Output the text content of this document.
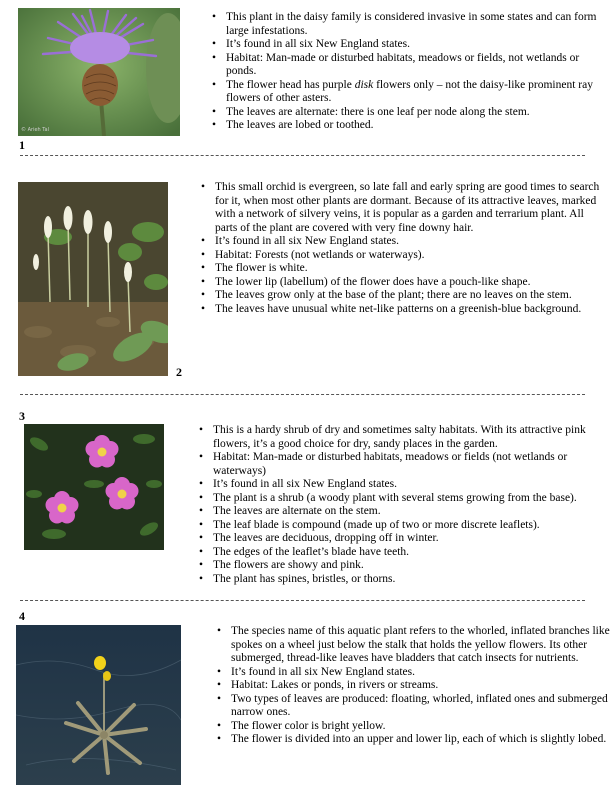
© Arieh Tal
1
• This plant in the daisy family is considered invasive in some states and can form large infestations.
• It’s found in all six New England states.
• Habitat: Man-made or disturbed habitats, meadows or fields, not wetlands or ponds.
• The flower head has purple disk flowers only – not the daisy-like prominent ray flowers of other asters.
• The leaves are alternate: there is one leaf per node along the stem.
• The leaves are lobed or toothed.
2
• This small orchid is evergreen, so late fall and early spring are good times to search for it, when most other plants are dormant. Because of its attractive leaves, marked with a network of silvery veins, it is popular as a garden and terrarium plant. All parts of the plant are covered with very fine downy hair.
• It’s found in all six New England states.
• Habitat: Forests (not wetlands or waterways).
• The flower is white.
• The lower lip (labellum) of the flower does have a pouch-like shape.
• The leaves grow only at the base of the plant; there are no leaves on the stem.
• The leaves have unusual white net-like patterns on a greenish-blue background.
3
• This is a hardy shrub of dry and sometimes salty habitats. With its attractive pink flowers, it’s a good choice for dry, sandy places in the garden.
• Habitat: Man-made or disturbed habitats, meadows or fields (not wetlands or waterways)
• It’s found in all six New England states.
• The plant is a shrub (a woody plant with several stems growing from the base).
• The leaves are alternate on the stem.
• The leaf blade is compound (made up of two or more discrete leaflets).
• The leaves are deciduous, dropping off in winter.
• The edges of the leaflet’s blade have teeth.
• The flowers are showy and pink.
• The plant has spines, bristles, or thorns.
4
• The species name of this aquatic plant refers to the whorled, inflated branches like spokes on a wheel just below the stalk that holds the yellow flowers. Its other submerged, thread-like leaves have bladders that catch insects for nutrients.
• It’s found in all six New England states.
• Habitat: Lakes or ponds, in rivers or streams.
• Two types of leaves are produced: floating, whorled, inflated ones and submerged narrow ones.
• The flower color is bright yellow.
• The flower is divided into an upper and lower lip, each of which is slightly lobed.
